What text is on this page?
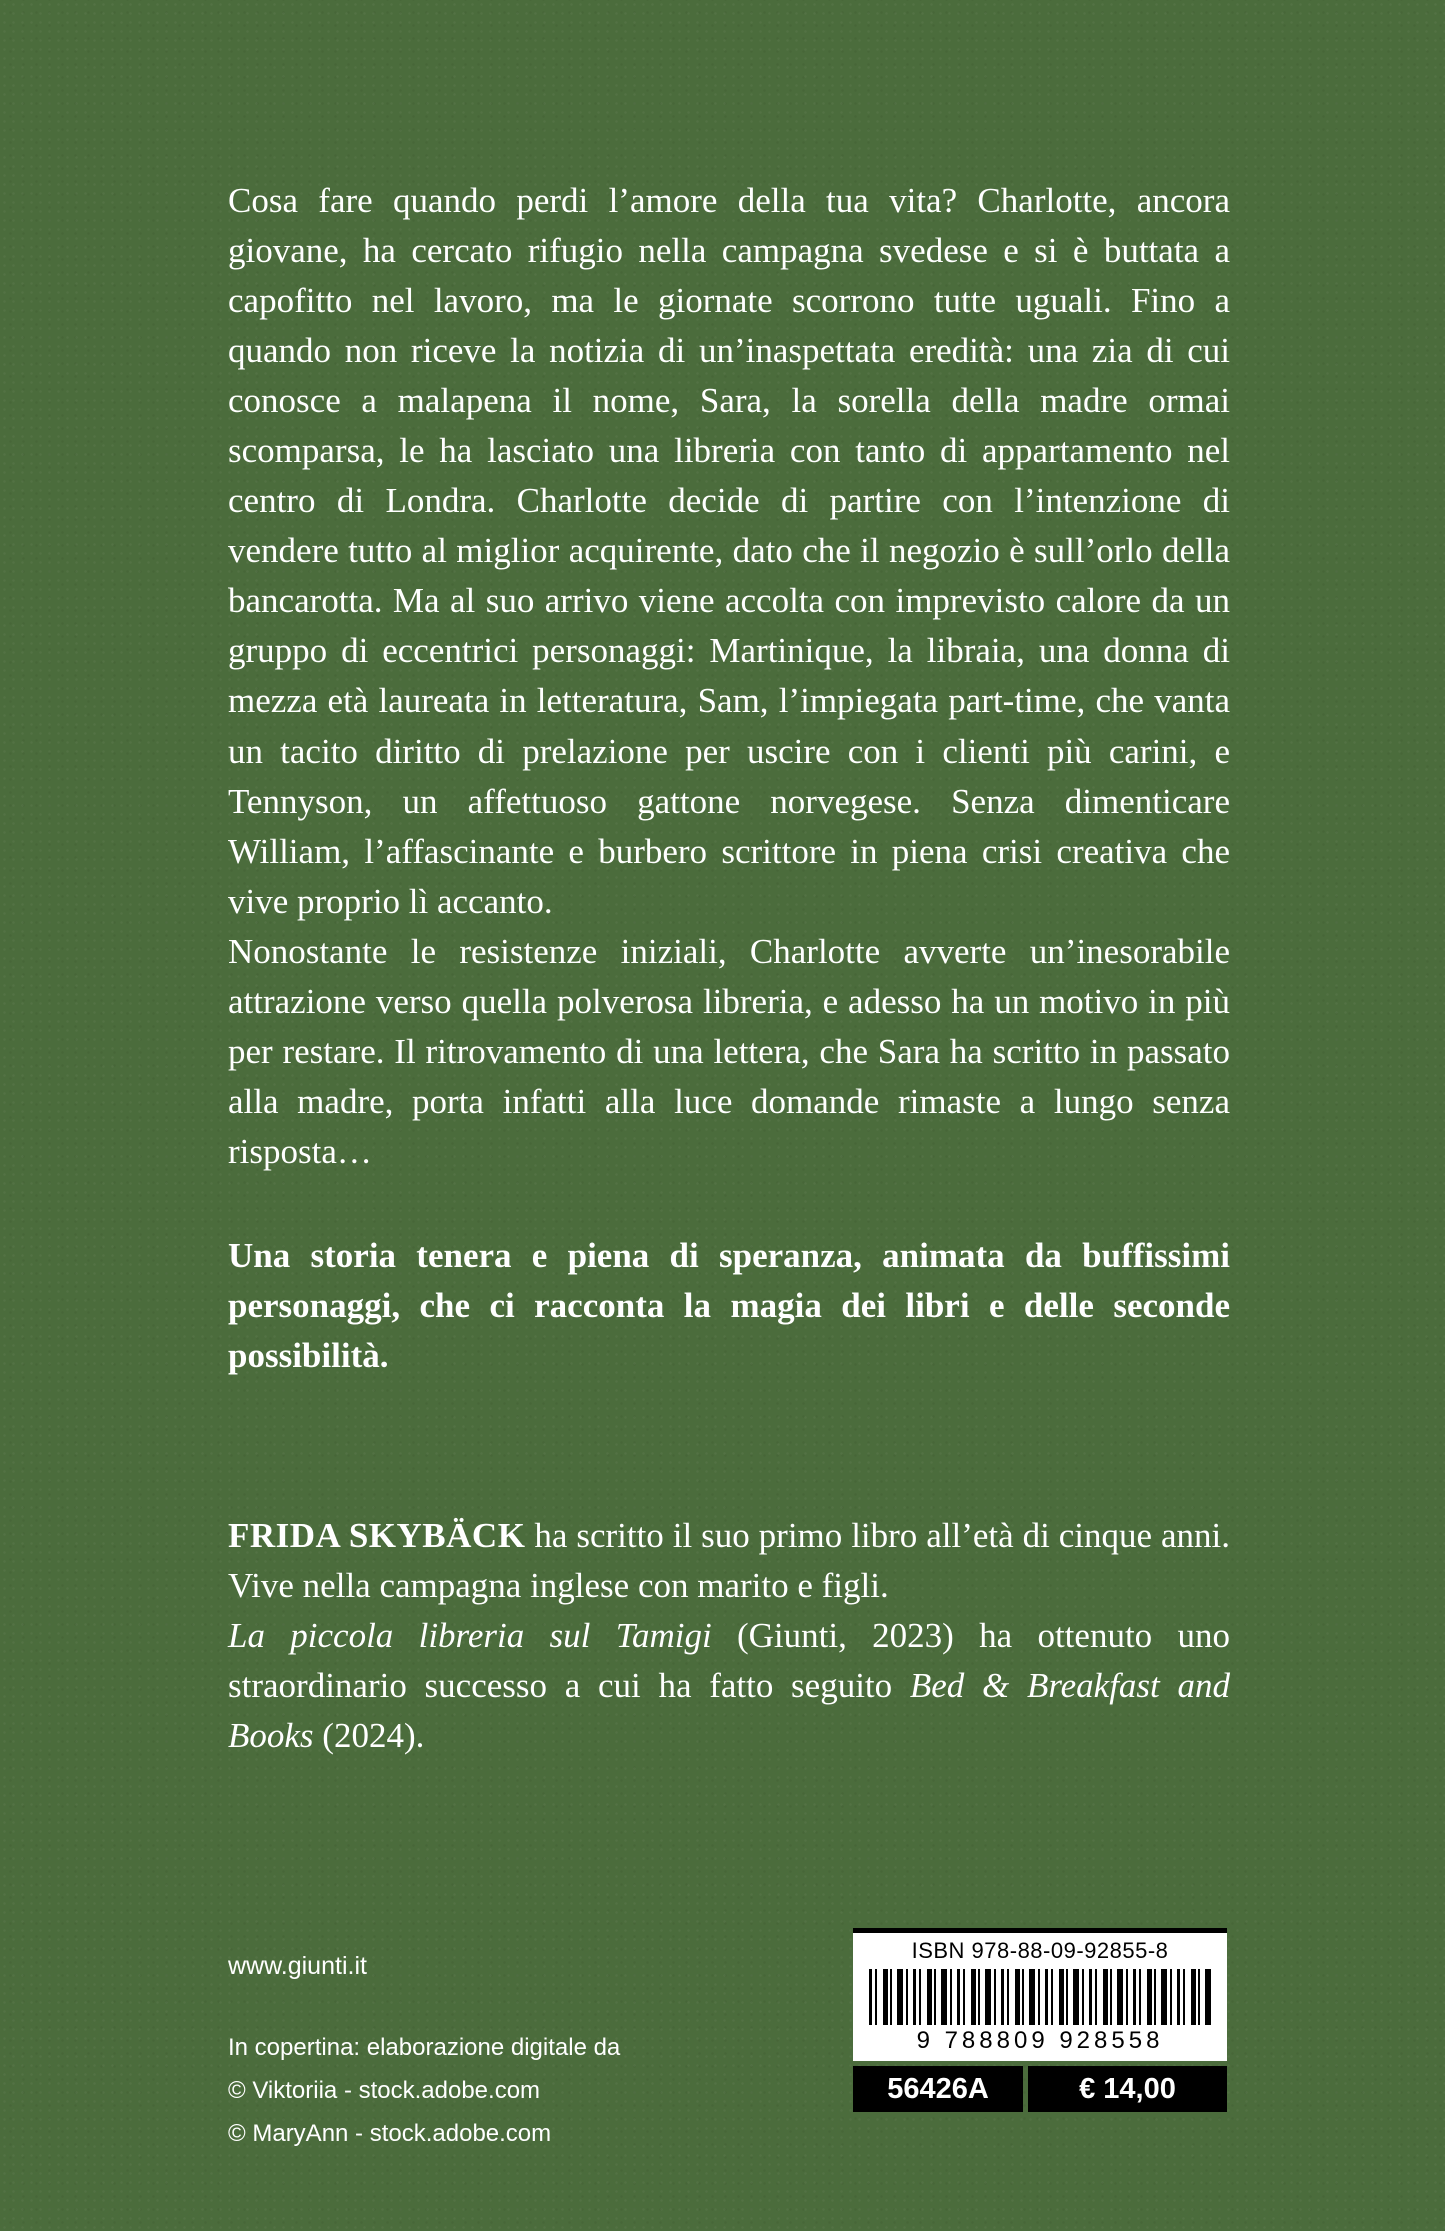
Cosa fare quando perdi l’amore della tua vita? Charlotte, ancora giovane, ha cercato rifugio nella campagna svedese e si è buttata a capofitto nel lavoro, ma le giornate scorrono tutte uguali. Fino a quando non riceve la notizia di un’inaspettata eredità: una zia di cui conosce a malapena il nome, Sara, la sorella della madre ormai scomparsa, le ha lasciato una libreria con tanto di appartamento nel centro di Londra. Charlotte decide di partire con l’intenzione di vendere tutto al miglior acquirente, dato che il negozio è sull’orlo della bancarotta. Ma al suo arrivo viene accolta con imprevisto calore da un gruppo di eccentrici personaggi: Martinique, la libraia, una donna di mezza età laureata in letteratura, Sam, l’impiegata part-time, che vanta un tacito diritto di prelazione per uscire con i clienti più carini, e Tennyson, un affettuoso gattone norvegese. Senza dimenticare William, l’affascinante e burbero scrittore in piena crisi creativa che vive proprio lì accanto.

Nonostante le resistenze iniziali, Charlotte avverte un’inesorabile attrazione verso quella polverosa libreria, e adesso ha un motivo in più per restare. Il ritrovamento di una lettera, che Sara ha scritto in passato alla madre, porta infatti alla luce domande rimaste a lungo senza risposta…

Una storia tenera e piena di speranza, animata da buffissimi personaggi, che ci racconta la magia dei libri e delle seconde possibilità.

FRIDA SKYBÄCK ha scritto il suo primo libro all’età di cinque anni. Vive nella campagna inglese con marito e figli.

La piccola libreria sul Tamigi (Giunti, 2023) ha ottenuto uno straordinario successo a cui ha fatto seguito Bed & Breakfast and Books (2024).

www.giunti.it
In copertina: elaborazione digitale da
© Viktoriia - stock.adobe.com
© MaryAnn - stock.adobe.com
ISBN 978-88-09-92855-8
9 788809 928558
56426A	€ 14,00
